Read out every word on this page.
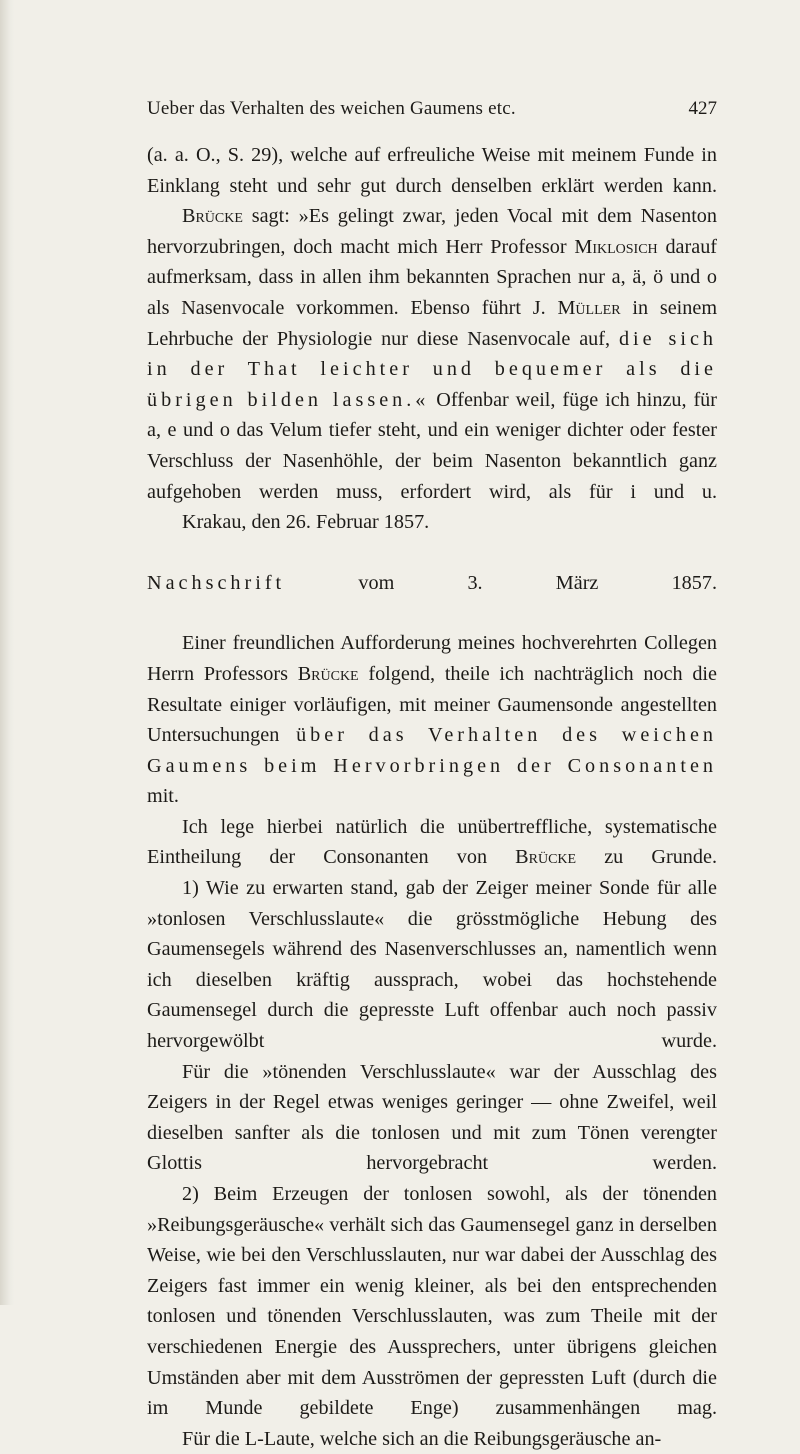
Ueber das Verhalten des weichen Gaumens etc.	427

(a. a. O., S. 29), welche auf erfreuliche Weise mit meinem Funde in Einklang steht und sehr gut durch denselben erklärt werden kann.

Brücke sagt: »Es gelingt zwar, jeden Vocal mit dem Nasenton hervorzubringen, doch macht mich Herr Professor Miklosich darauf aufmerksam, dass in allen ihm bekannten Sprachen nur a, ä, ö und o als Nasenvocale vorkommen. Ebenso führt J. Müller in seinem Lehrbuche der Physiologie nur diese Nasenvocale auf, die sich in der That leichter und bequemer als die übrigen bilden lassen.« Offenbar weil, füge ich hinzu, für a, e und o das Velum tiefer steht, und ein weniger dichter oder fester Verschluss der Nasenhöhle, der beim Nasenton bekanntlich ganz aufgehoben werden muss, erfordert wird, als für i und u.

Krakau, den 26. Februar 1857.

Nachschrift	vom 3. März 1857.

Einer freundlichen Aufforderung meines hochverehrten Collegen Herrn Professors Brücke folgend, theile ich nachträglich noch die Resultate einiger vorläufigen, mit meiner Gaumensonde angestellten Untersuchungen über das Verhalten des weichen Gaumens beim Hervorbringen der Consonanten mit.

Ich lege hierbei natürlich die unübertreffliche, systematische Eintheilung der Consonanten von Brücke zu Grunde.

1) Wie zu erwarten stand, gab der Zeiger meiner Sonde für alle »tonlosen Verschlusslaute« die grösstmögliche Hebung des Gaumensegels während des Nasenverschlusses an, namentlich wenn ich dieselben kräftig aussprach, wobei das hochstehende Gaumensegel durch die gepresste Luft offenbar auch noch passiv hervorgewölbt wurde.

Für die »tönenden Verschlusslaute« war der Ausschlag des Zeigers in der Regel etwas weniges geringer — ohne Zweifel, weil dieselben sanfter als die tonlosen und mit zum Tönen verengter Glottis hervorgebracht werden.

2) Beim Erzeugen der tonlosen sowohl, als der tönenden »Reibungsgeräusche« verhält sich das Gaumensegel ganz in derselben Weise, wie bei den Verschlusslauten, nur war dabei der Ausschlag des Zeigers fast immer ein wenig kleiner, als bei den entsprechenden tonlosen und tönenden Verschlusslauten, was zum Theile mit der verschiedenen Energie des Aussprechers, unter übrigens gleichen Umständen aber mit dem Ausströmen der gepressten Luft (durch die im Munde gebildete Enge) zusammenhängen mag.

Für die L-Laute, welche sich an die Reibungsgeräusche an-
